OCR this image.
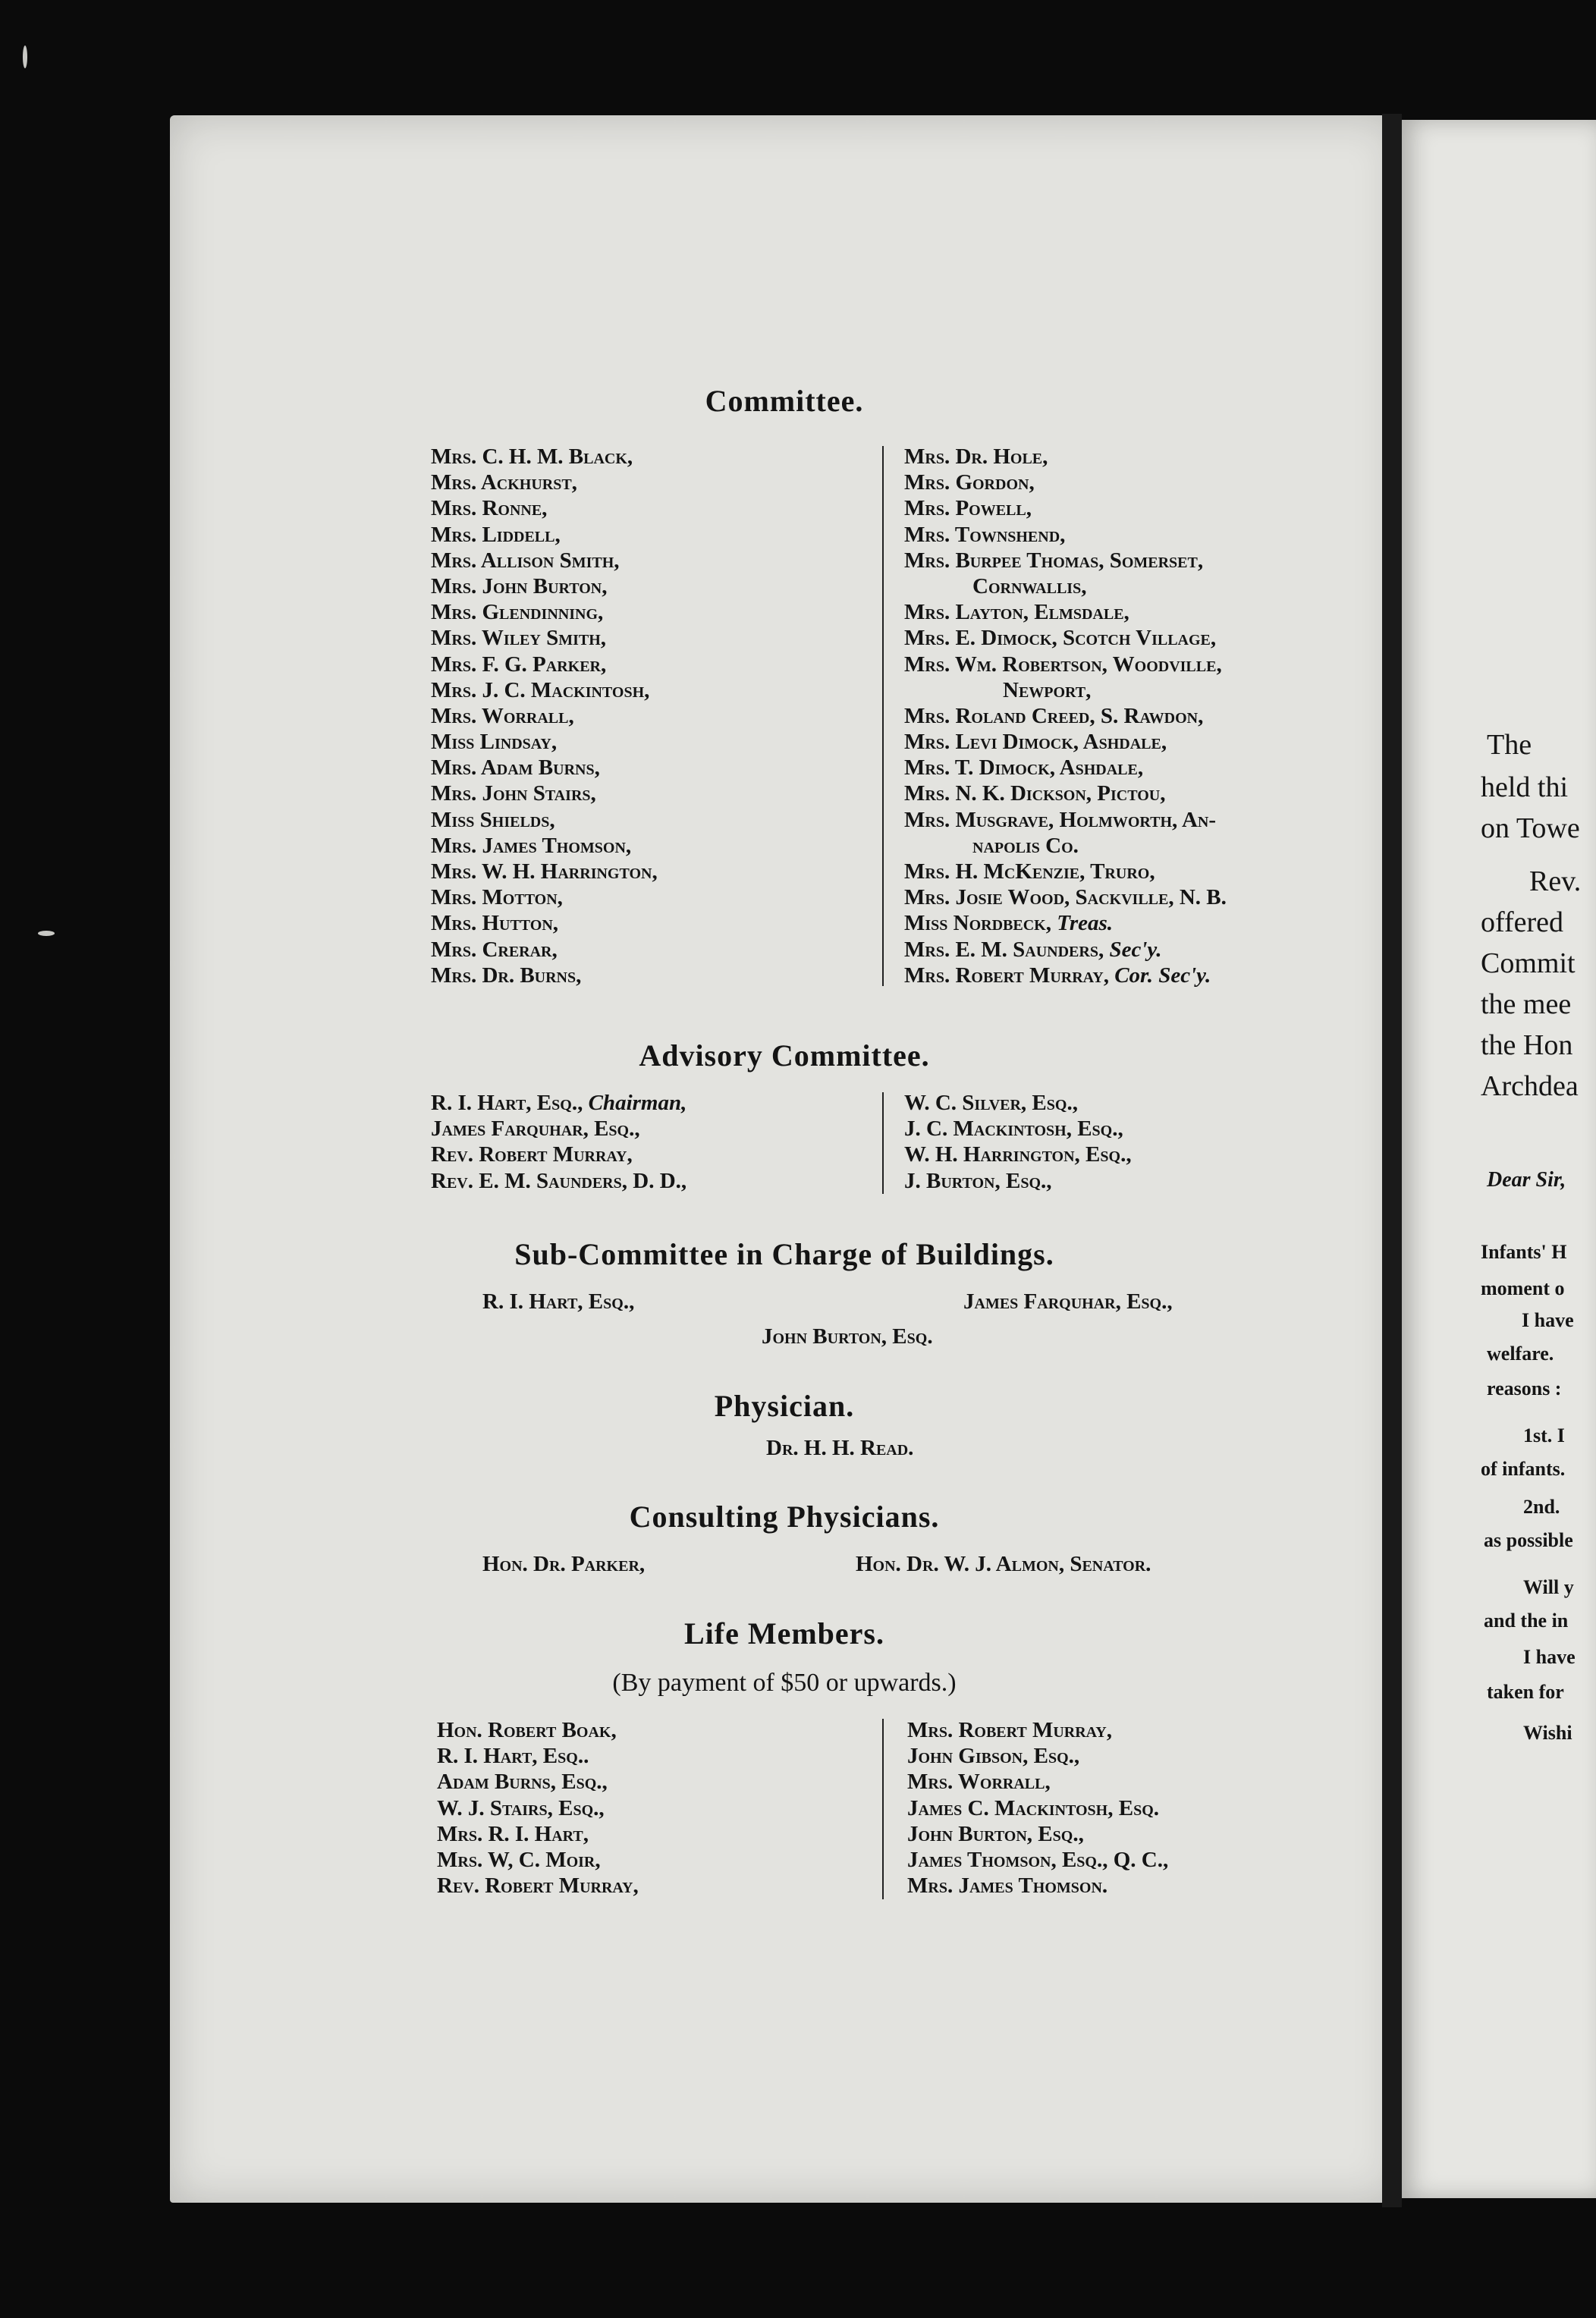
Committee.
Mrs. C. H. M. Black,
Mrs. Ackhurst,
Mrs. Ronne,
Mrs. Liddell,
Mrs. Allison Smith,
Mrs. John Burton,
Mrs. Glendinning,
Mrs. Wiley Smith,
Mrs. F. G. Parker,
Mrs. J. C. Mackintosh,
Mrs. Worrall,
Miss Lindsay,
Mrs. Adam Burns,
Mrs. John Stairs,
Miss Shields,
Mrs. James Thomson,
Mrs. W. H. Harrington,
Mrs. Motton,
Mrs. Hutton,
Mrs. Crerar,
Mrs. Dr. Burns,
Mrs. Dr. Hole,
Mrs. Gordon,
Mrs. Powell,
Mrs. Townshend,
Mrs. Burpee Thomas, Somerset,
Cornwallis,
Mrs. Layton, Elmsdale,
Mrs. E. Dimock, Scotch Village,
Mrs. Wm. Robertson, Woodville,
Newport,
Mrs. Roland Creed, S. Rawdon,
Mrs. Levi Dimock, Ashdale,
Mrs. T. Dimock, Ashdale,
Mrs. N. K. Dickson, Pictou,
Mrs. Musgrave, Holmworth, An-
napolis Co.
Mrs. H. McKenzie, Truro,
Mrs. Josie Wood, Sackville, N. B.
Miss Nordbeck, Treas.
Mrs. E. M. Saunders, Sec'y.
Mrs. Robert Murray, Cor. Sec'y.
Advisory Committee.
R. I. Hart, Esq., Chairman,
James Farquhar, Esq.,
Rev. Robert Murray,
Rev. E. M. Saunders, D. D.,
W. C. Silver, Esq.,
J. C. Mackintosh, Esq.,
W. H. Harrington, Esq.,
J. Burton, Esq.,
Sub-Committee in Charge of Buildings.
R. I. Hart, Esq.,	James Farquhar, Esq.,
John Burton, Esq.
Physician.
Dr. H. H. Read.
Consulting Physicians.
Hon. Dr. Parker,	Hon. Dr. W. J. Almon, Senator.
Life Members.
(By payment of $50 or upwards.)
Hon. Robert Boak,
R. I. Hart, Esq..
Adam Burns, Esq.,
W. J. Stairs, Esq.,
Mrs. R. I. Hart,
Mrs. W, C. Moir,
Rev. Robert Murray,
Mrs. Robert Murray,
John Gibson, Esq.,
Mrs. Worrall,
James C. Mackintosh, Esq.
John Burton, Esq.,
James Thomson, Esq., Q. C.,
Mrs. James Thomson.
The
held thi
on Towe
Rev.
offered
Commit
the mee
the Hon
Archdea
Dear Sir,
Infants' H
moment o
I have
welfare.
reasons :
1st. I
of infants.
2nd.
as possible
Will y
and the in
I have
taken for
Wishi
